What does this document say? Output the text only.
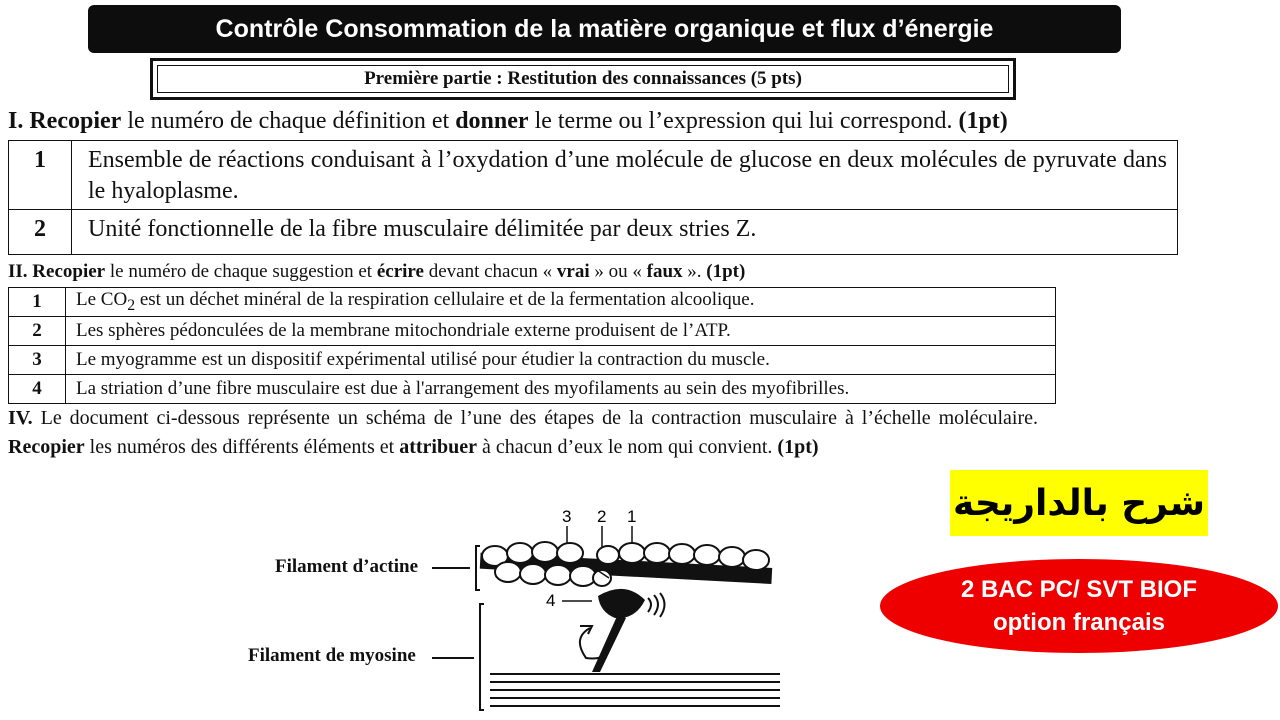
Contrôle Consommation de la matière organique et flux d’énergie
Première partie : Restitution des connaissances (5 pts)
I. Recopier le numéro de chaque définition et donner le terme ou l’expression qui lui correspond. (1pt)
1	Ensemble de réactions conduisant à l’oxydation d’une molécule de glucose en deux molécules de pyruvate dans le hyaloplasme.
2	Unité fonctionnelle de la fibre musculaire délimitée par deux stries Z.
II. Recopier le numéro de chaque suggestion et écrire devant chacun « vrai » ou « faux ». (1pt)
1	Le $CO_2$ est un déchet minéral de la respiration cellulaire et de la fermentation alcoolique.
2	Les sphères pédonculées de la membrane mitochondriale externe produisent de l’ATP.
3	Le myogramme est un dispositif expérimental utilisé pour étudier la contraction du muscle.
4	La striation d’une fibre musculaire est due à l'arrangement des myofilaments au sein des myofibrilles.
IV. Le document ci-dessous représente un schéma de l’une des étapes de la contraction musculaire à l’échelle moléculaire. Recopier les numéros des différents éléments et attribuer à chacun d’eux le nom qui convient. (1pt)
Filament d’actine
Filament de myosine
3 2 1
4
شرح بالداريجة
2 BAC PC/ SVT BIOF
option français
